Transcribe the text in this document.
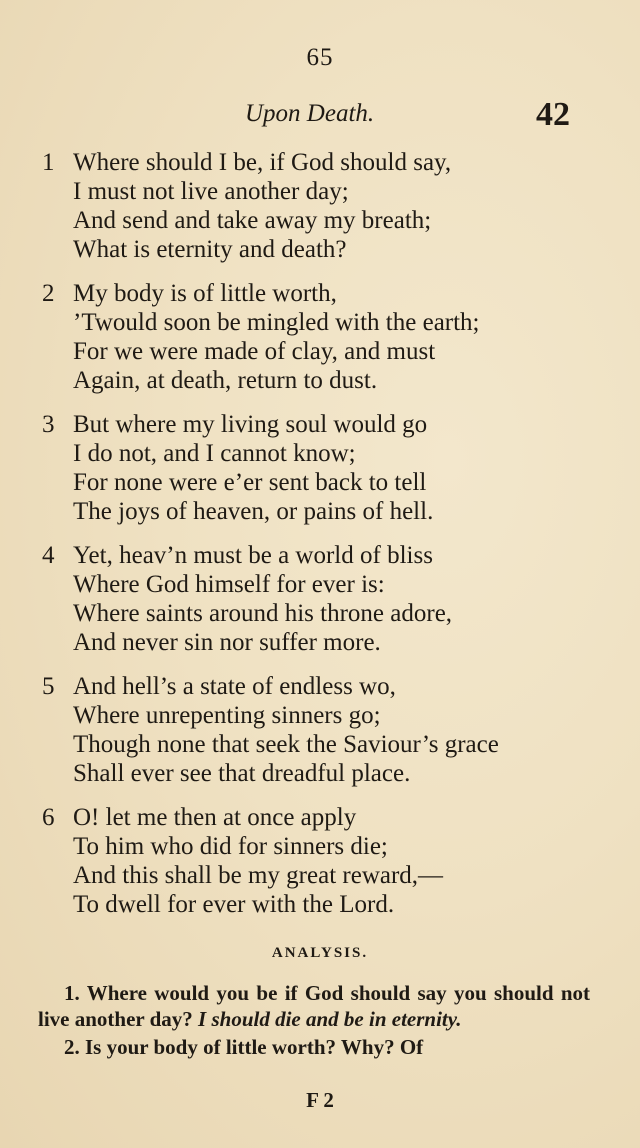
65
Upon Death.	42
1 Where should I be, if God should say,
I must not live another day;
And send and take away my breath;
What is eternity and death?
2 My body is of little worth,
’Twould soon be mingled with the earth;
For we were made of clay, and must
Again, at death, return to dust.
3 But where my living soul would go
I do not, and I cannot know;
For none were e’er sent back to tell
The joys of heaven, or pains of hell.
4 Yet, heav’n must be a world of bliss
Where God himself for ever is:
Where saints around his throne adore,
And never sin nor suffer more.
5 And hell’s a state of endless wo,
Where unrepenting sinners go;
Though none that seek the Saviour’s grace
Shall ever see that dreadful place.
6 O! let me then at once apply
To him who did for sinners die;
And this shall be my great reward,—
To dwell for ever with the Lord.
ANALYSIS.
1. Where would you be if God should say you should not live another day? I should die and be in eternity.
2. Is your body of little worth? Why? Of
F 2
